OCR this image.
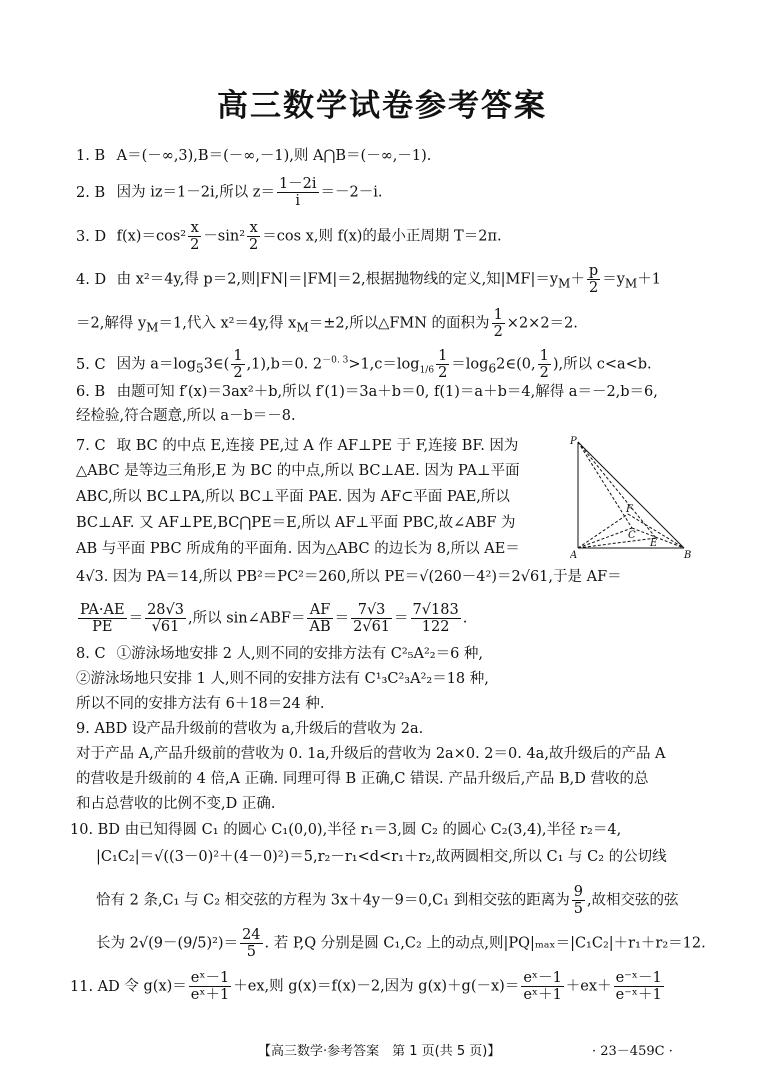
高三数学试卷参考答案
1. B A＝(－∞,3),B＝(－∞,－1),则 A⋂B＝(－∞,－1).
2. B 因为 iz＝1－2i,所以 $z= \frac{1-2i}{i} =-2-i$.
3. D $f(x)=\cos^2 \frac{x}{2} -\sin^2 \frac{x}{2} =\cos$ x,则 f(x)的最小正周期 T＝2π.
4. D 由 x²＝4y,得 p＝2,则|FN|＝|FM|＝2,根据抛物线的定义,知$|MF|=y_M+ \frac{p}{2} =y_M+1$
＝2,解得 $y_M=1$,代入 x²＝4y,得 $x_M=\pm 2$,所以△FMN 的面积为 $\frac{1}{2} \times 2\times 2=2$.
5. C 因为 $a=\log_53\in( \frac{1}{2} ,1),b=0$. $2^{-0. 3}>1,c=\log_{1/6} \frac{1}{2}$ $=\log_62\in(0$, $\frac{1}{2}$ ),所以 c<a<b.
6. B 由题可知 f′(x)＝3ax²＋b,所以 f′(1)＝3a＋b＝0, f(1)＝a＋b＝4,解得 a＝－2,b＝6,
经检验,符合题意,所以 a－b＝－8.
7. C 取 BC 的中点 E,连接 PE,过 A 作 AF⊥PE 于 F,连接 BF. 因为
△ABC 是等边三角形,E 为 BC 的中点,所以 BC⊥AE. 因为 PA⊥平面
ABC,所以 BC⊥PA,所以 BC⊥平面 PAE. 因为 AF⊂平面 PAE,所以
BC⊥AF. 又 AF⊥PE,BC⋂PE＝E,所以 AF⊥平面 PBC,故∠ABF 为
AB 与平面 PBC 所成角的平面角. 因为△ABC 的边长为 8,所以 AE＝
4√3. 因为 PA＝14,所以 PB²＝PC²＝260,所以 PE＝√(260－4²)＝2√61,于是 AF＝
$\frac{PA\cdot AE}{PE} = \frac{28√3}{√61}$ ,所以 sin∠ABF＝ $\frac{AF}{AB} = \frac{7√3}{2√61} = \frac{7√183}{122}$ .
P
A	B
C
E
F
8. C ①游泳场地安排 2 人,则不同的安排方法有 C²₅A²₂＝6 种,
②游泳场地只安排 1 人,则不同的安排方法有 C¹₃C²₃A²₂＝18 种,
所以不同的安排方法有 6＋18＝24 种.
9. ABD 设产品升级前的营收为 a,升级后的营收为 2a.
对于产品 A,产品升级前的营收为 0. 1a,升级后的营收为 2a×0. 2＝0. 4a,故升级后的产品 A
的营收是升级前的 4 倍,A 正确. 同理可得 B 正确,C 错误. 产品升级后,产品 B,D 营收的总
和占总营收的比例不变,D 正确.
10. BD 由已知得圆 C₁ 的圆心 C₁(0,0),半径 r₁＝3,圆 C₂ 的圆心 C₂(3,4),半径 r₂＝4,
|C₁C₂|＝√((3－0)²＋(4－0)²)＝5,r₂－r₁<d<r₁＋r₂,故两圆相交,所以 C₁ 与 C₂ 的公切线
恰有 2 条,C₁ 与 C₂ 相交弦的方程为 3x＋4y－9＝0,C₁ 到相交弦的距离为 $\frac{9}{5}$ ,故相交弦的弦
长为 $2√(9-(9/5)^2)= \frac{24}{5}$ . 若 P,Q 分别是圆 C₁,C₂ 上的动点,则|PQ|ₘₐₓ＝|C₁C₂|＋r₁＋r₂＝12.
11. AD 令 $g(x)= \frac{\text{eˣ－1}}{\text{eˣ＋1}} +ex$,则 g(x)＝f(x)－2,因为 $g(x)+g(-x)= \frac{\text{eˣ－1}}{\text{eˣ＋1}} +ex+ \frac{\text{e⁻ˣ－1}}{\text{e⁻ˣ＋1}}$
【高三数学·参考答案　第 1 页(共 5 页)】	· 23－459C ·
